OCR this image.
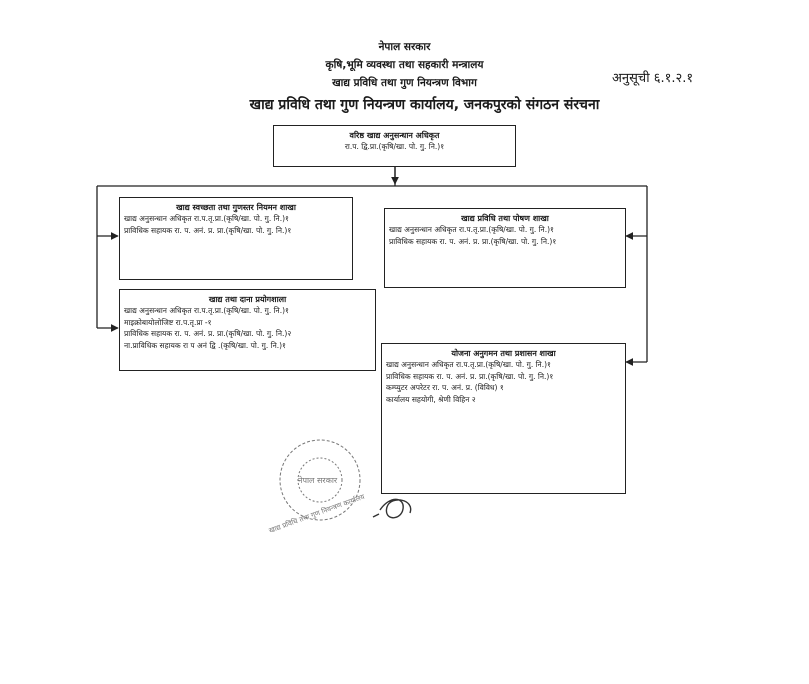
नेपाल सरकार
कृषि,भूमि व्यवस्था तथा सहकारी मन्त्रालय
खाद्य प्रविधि तथा गुण नियन्त्रण विभाग
खाद्य प्रविधि तथा गुण नियन्त्रण कार्यालय, जनकपुरको संगठन संरचना
अनुसूची ६.१.२.१
वरिष्ठ खाद्य अनुसन्धान अधिकृत
रा.प. द्वि.प्रा.(कृषि/खा. पो. गु. नि.)१
खाद्य स्वच्छता तथा गुणस्तर नियमन शाखा
खाद्य अनुसन्धान अधिकृत रा.प.तृ.प्रा.(कृषि/खा. पो. गु. नि.)१
प्राविधिक सहायक रा. प. अनं. प्र. प्रा.(कृषि/खा. पो. गु. नि.)१
खाद्य प्रविधि तथा पोषण शाखा
खाद्य अनुसन्धान अधिकृत रा.प.तृ.प्रा.(कृषि/खा. पो. गु. नि.)१
प्राविधिक सहायक रा. प. अनं. प्र. प्रा.(कृषि/खा. पो. गु. नि.)१
खाद्य तथा दाना प्रयोगशाला
खाद्य अनुसन्धान अधिकृत रा.प.तृ.प्रा.(कृषि/खा. पो. गु. नि.)१
माइक्रोबायोलोजिष्ट रा.प.तृ.प्रा -१
प्राविधिक सहायक रा. प. अनं. प्र. प्रा.(कृषि/खा. पो. गु. नि.)२
ना.प्राविधिक सहायक रा प अनं द्वि .(कृषि/खा. पो. गु. नि.)१
योजना अनुगमन तथा प्रशासन शाखा
खाद्य अनुसन्धान अधिकृत रा.प.तृ.प्रा.(कृषि/खा. पो. गु. नि.)१
प्राविधिक सहायक रा. प. अनं. प्र. प्रा.(कृषि/खा. पो. गु. नि.)१
कम्प्युटर अपरेटर रा. प. अनं. प्र. (विविध) १
कार्यालय सहयोगी, श्रेणी विहिन २
नेपाल सरकार
खाद्य प्रविधि तथा गुण नियन्त्रण कार्यालय
